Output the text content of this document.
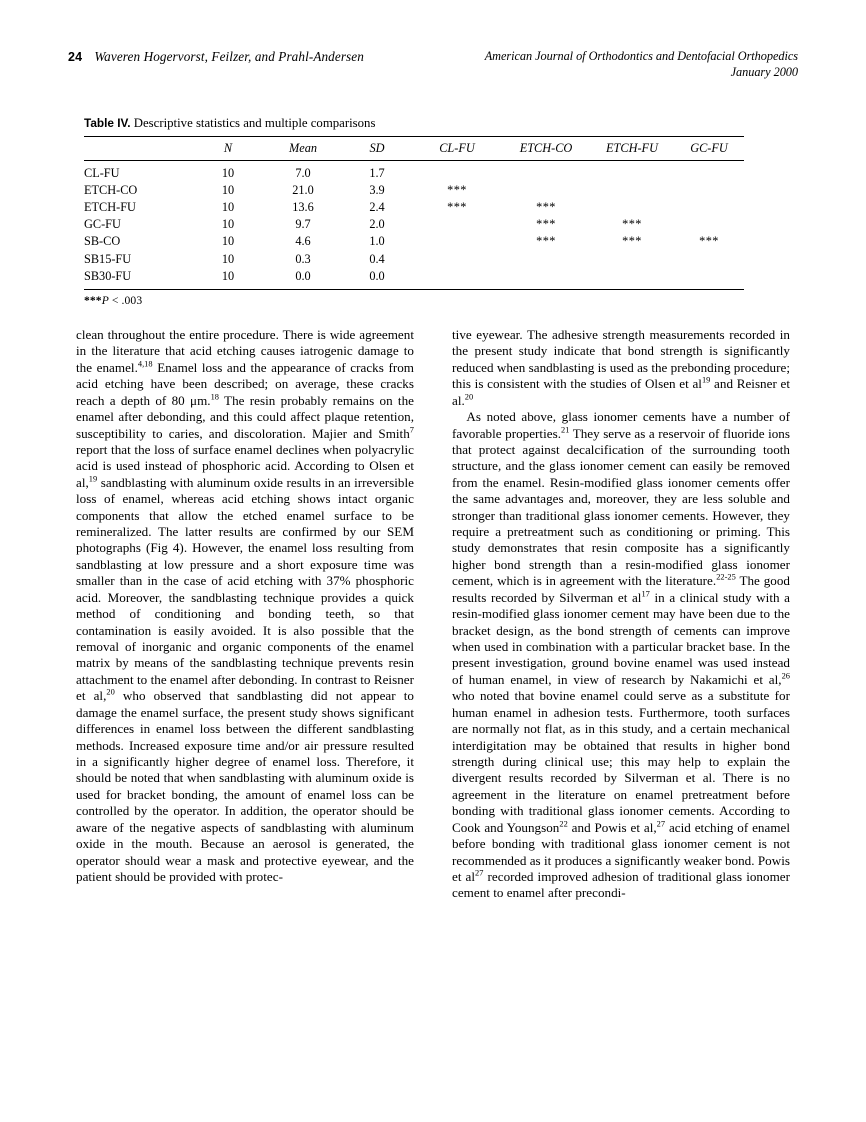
24 Waveren Hogervorst, Feilzer, and Prahl-Andersen	American Journal of Orthodontics and Dentofacial Orthopedics
January 2000
Table IV. Descriptive statistics and multiple comparisons
	N	Mean	SD	CL-FU	ETCH-CO	ETCH-FU	GC-FU
CL-FU	10	7.0	1.7				
ETCH-CO	10	21.0	3.9	***			
ETCH-FU	10	13.6	2.4	***	***		
GC-FU	10	9.7	2.0		***	***	
SB-CO	10	4.6	1.0		***	***	***
SB15-FU	10	0.3	0.4				
SB30-FU	10	0.0	0.0				
***P < .003

clean throughout the entire procedure. There is wide agreement in the literature that acid etching causes iatrogenic damage to the enamel.$^{4,18}$ Enamel loss and the appearance of cracks from acid etching have been described; on average, these cracks reach a depth of 80 μm.$^{18}$ The resin probably remains on the enamel after debonding, and this could affect plaque retention, susceptibility to caries, and discoloration. Majier and Smith$^7$ report that the loss of surface enamel declines when polyacrylic acid is used instead of phosphoric acid. According to Olsen et al,$^{19}$ sandblasting with aluminum oxide results in an irreversible loss of enamel, whereas acid etching shows intact organic components that allow the etched enamel surface to be remineralized. The latter results are confirmed by our SEM photographs (Fig 4). However, the enamel loss resulting from sandblasting at low pressure and a short exposure time was smaller than in the case of acid etching with 37% phosphoric acid. Moreover, the sandblasting technique provides a quick method of conditioning and bonding teeth, so that contamination is easily avoided. It is also possible that the removal of inorganic and organic components of the enamel matrix by means of the sandblasting technique prevents resin attachment to the enamel after debonding. In contrast to Reisner et al,$^{20}$ who observed that sandblasting did not appear to damage the enamel surface, the present study shows significant differences in enamel loss between the different sandblasting methods. Increased exposure time and/or air pressure resulted in a significantly higher degree of enamel loss. Therefore, it should be noted that when sandblasting with aluminum oxide is used for bracket bonding, the amount of enamel loss can be controlled by the operator. In addition, the operator should be aware of the negative aspects of sandblasting with aluminum oxide in the mouth. Because an aerosol is generated, the operator should wear a mask and protective eyewear, and the patient should be provided with protec-

tive eyewear. The adhesive strength measurements recorded in the present study indicate that bond strength is significantly reduced when sandblasting is used as the prebonding procedure; this is consistent with the studies of Olsen et $al^{19}$ and Reisner et al.$^{20}$

As noted above, glass ionomer cements have a number of favorable properties.$^{21}$ They serve as a reservoir of fluoride ions that protect against decalcification of the surrounding tooth structure, and the glass ionomer cement can easily be removed from the enamel. Resin-modified glass ionomer cements offer the same advantages and, moreover, they are less soluble and stronger than traditional glass ionomer cements. However, they require a pretreatment such as conditioning or priming. This study demonstrates that resin composite has a significantly higher bond strength than a resin-modified glass ionomer cement, which is in agreement with the literature.$^{22-25}$ The good results recorded by Silverman et $al^{17}$ in a clinical study with a resin-modified glass ionomer cement may have been due to the bracket design, as the bond strength of cements can improve when used in combination with a particular bracket base. In the present investigation, ground bovine enamel was used instead of human enamel, in view of research by Nakamichi et al,$^{26}$ who noted that bovine enamel could serve as a substitute for human enamel in adhesion tests. Furthermore, tooth surfaces are normally not flat, as in this study, and a certain mechanical interdigitation may be obtained that results in higher bond strength during clinical use; this may help to explain the divergent results recorded by Silverman et al. There is no agreement in the literature on enamel pretreatment before bonding with traditional glass ionomer cements. According to Cook and Youngson$^{22}$ and Powis et al,$^{27}$ acid etching of enamel before bonding with traditional glass ionomer cement is not recommended as it produces a significantly weaker bond. Powis et $al^{27}$ recorded improved adhesion of traditional glass ionomer cement to enamel after precondi-
